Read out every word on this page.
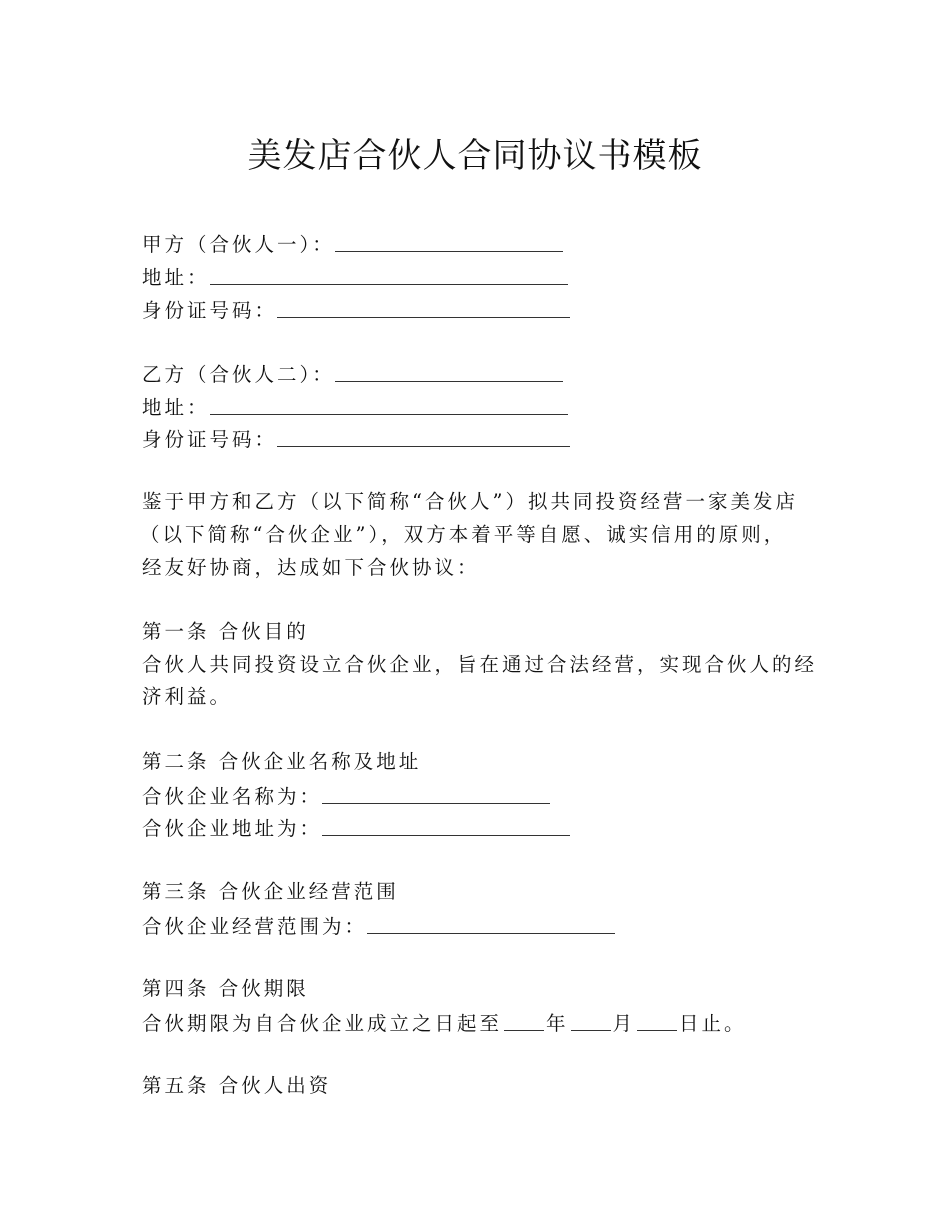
美发店合伙人合同协议书模板
甲方（合伙人一）：
地址：
身份证号码：
乙方（合伙人二）：
地址：
身份证号码：
鉴于甲方和乙方（以下简称“合伙人”）拟共同投资经营一家美发店
（以下简称“合伙企业”），双方本着平等自愿、诚实信用的原则，
经友好协商，达成如下合伙协议：
第一条 合伙目的
合伙人共同投资设立合伙企业，旨在通过合法经营，实现合伙人的经
济利益。
第二条 合伙企业名称及地址
合伙企业名称为：
合伙企业地址为：
第三条 合伙企业经营范围
合伙企业经营范围为：
第四条 合伙期限
合伙期限为自合伙企业成立之日起至 年 月 日止。
第五条 合伙人出资
